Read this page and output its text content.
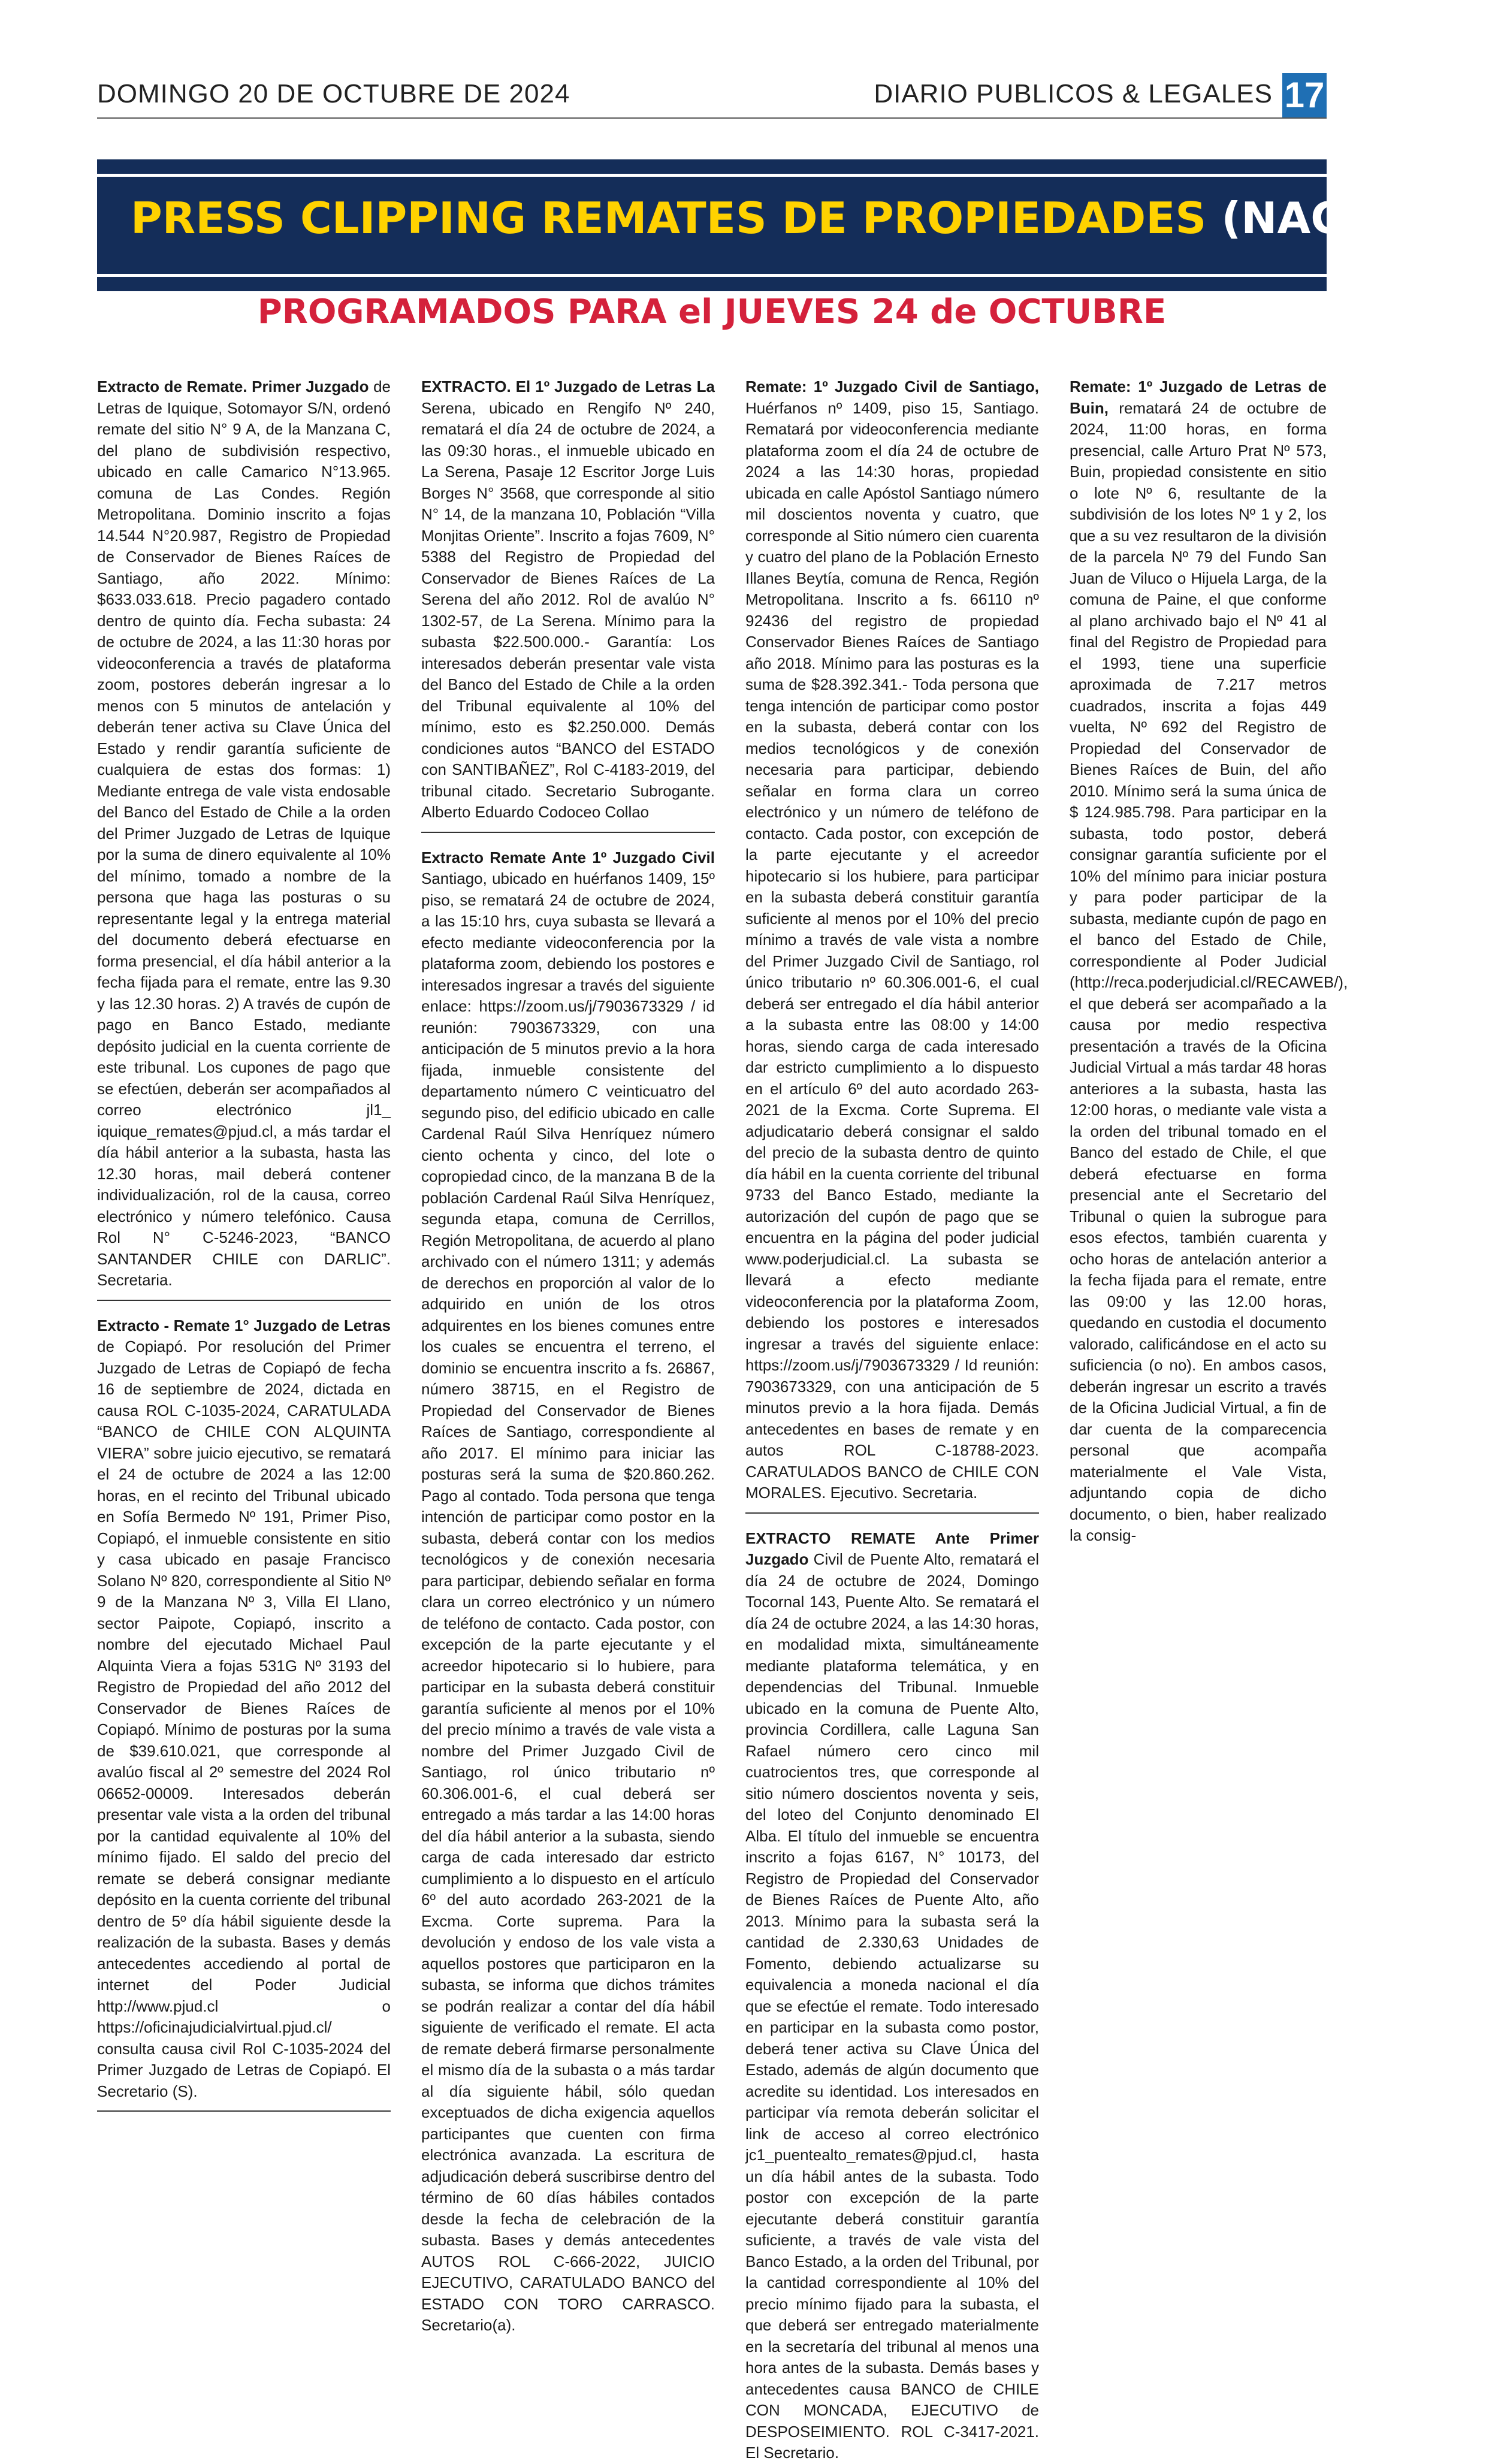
DOMINGO 20 DE OCTUBRE DE 2024	DIARIO PUBLICOS & LEGALES 17
PRESS CLIPPING REMATES DE PROPIEDADES (NACIONAL
PROGRAMADOS PARA el JUEVES 24 de OCTUBRE

Extracto de Remate. Primer Juzgado de Letras de Iquique, Sotomayor S/N, ordenó remate del sitio N° 9 A, de la Manzana C, del plano de subdivisión respectivo, ubicado en calle Camarico N°13.965. comuna de Las Condes. Región Metropolitana. Dominio inscrito a fojas 14.544 N°20.987, Registro de Propiedad de Conservador de Bienes Raíces de Santiago, año 2022. Mínimo: $633.033.618. Precio pagadero contado dentro de quinto día. Fecha subasta: 24 de octubre de 2024, a las 11:30 horas por videoconferencia a través de plataforma zoom, postores deberán ingresar a lo menos con 5 minutos de antelación y deberán tener activa su Clave Única del Estado y rendir garantía suficiente de cualquiera de estas dos formas: 1) Mediante entrega de vale vista endosable del Banco del Estado de Chile a la orden del Primer Juzgado de Letras de Iquique por la suma de dinero equivalente al 10% del mínimo, tomado a nombre de la persona que haga las posturas o su representante legal y la entrega material del documento deberá efectuarse en forma presencial, el día hábil anterior a la fecha fijada para el remate, entre las 9.30 y las 12.30 horas. 2) A través de cupón de pago en Banco Estado, mediante depósito judicial en la cuenta corriente de este tribunal. Los cupones de pago que se efectúen, deberán ser acompañados al correo electrónico jl1_ iquique_remates@pjud.cl, a más tardar el día hábil anterior a la subasta, hasta las 12.30 horas, mail deberá contener individualización, rol de la causa, correo electrónico y número telefónico. Causa Rol N° C-5246-2023, “BANCO SANTANDER CHILE con DARLIC”. Secretaria.

Extracto - Remate 1° Juzgado de Letras de Copiapó. Por resolución del Primer Juzgado de Letras de Copiapó de fecha 16 de septiembre de 2024, dictada en causa ROL C-1035-2024, CARATULADA “BANCO de CHILE CON ALQUINTA VIERA” sobre juicio ejecutivo, se rematará el 24 de octubre de 2024 a las 12:00 horas, en el recinto del Tribunal ubicado en Sofía Bermedo Nº 191, Primer Piso, Copiapó, el inmueble consistente en sitio y casa ubicado en pasaje Francisco Solano Nº 820, correspondiente al Sitio Nº 9 de la Manzana Nº 3, Villa El Llano, sector Paipote, Copiapó, inscrito a nombre del ejecutado Michael Paul Alquinta Viera a fojas 531G Nº 3193 del Registro de Propiedad del año 2012 del Conservador de Bienes Raíces de Copiapó. Mínimo de posturas por la suma de $39.610.021, que corresponde al avalúo fiscal al 2º semestre del 2024 Rol 06652-00009. Interesados deberán presentar vale vista a la orden del tribunal por la cantidad equivalente al 10% del mínimo fijado. El saldo del precio del remate se deberá consignar mediante depósito en la cuenta corriente del tribunal dentro de 5º día hábil siguiente desde la realización de la subasta. Bases y demás antecedentes accediendo al portal de internet del Poder Judicial http://www.pjud.cl o https://oficinajudicialvirtual.pjud.cl/ consulta causa civil Rol C-1035-2024 del Primer Juzgado de Letras de Copiapó. El Secretario (S).

EXTRACTO. El 1º Juzgado de Letras La Serena, ubicado en Rengifo Nº 240, rematará el día 24 de octubre de 2024, a las 09:30 horas., el inmueble ubicado en La Serena, Pasaje 12 Escritor Jorge Luis Borges N° 3568, que corresponde al sitio N° 14, de la manzana 10, Población “Villa Monjitas Oriente”. Inscrito a fojas 7609, N° 5388 del Registro de Propiedad del Conservador de Bienes Raíces de La Serena del año 2012. Rol de avalúo N° 1302-57, de La Serena. Mínimo para la subasta $22.500.000.- Garantía: Los interesados deberán presentar vale vista del Banco del Estado de Chile a la orden del Tribunal equivalente al 10% del mínimo, esto es $2.250.000. Demás condiciones autos “BANCO del ESTADO con SANTIBAÑEZ”, Rol C-4183-2019, del tribunal citado. Secretario Subrogante. Alberto Eduardo Codoceo Collao

Extracto Remate Ante 1º Juzgado Civil Santiago, ubicado en huérfanos 1409, 15º piso, se rematará 24 de octubre de 2024, a las 15:10 hrs, cuya subasta se llevará a efecto mediante videoconferencia por la plataforma zoom, debiendo los postores e interesados ingresar a través del siguiente enlace: https://zoom.us/j/7903673329 / id reunión: 7903673329, con una anticipación de 5 minutos previo a la hora fijada, inmueble consistente del departamento número C veinticuatro del segundo piso, del edificio ubicado en calle Cardenal Raúl Silva Henríquez número ciento ochenta y cinco, del lote o copropiedad cinco, de la manzana B de la población Cardenal Raúl Silva Henríquez, segunda etapa, comuna de Cerrillos, Región Metropolitana, de acuerdo al plano archivado con el número 1311; y además de derechos en proporción al valor de lo adquirido en unión de los otros adquirentes en los bienes comunes entre los cuales se encuentra el terreno, el dominio se encuentra inscrito a fs. 26867, número 38715, en el Registro de Propiedad del Conservador de Bienes Raíces de Santiago, correspondiente al año 2017. El mínimo para iniciar las posturas será la suma de $20.860.262. Pago al contado. Toda persona que tenga intención de participar como postor en la subasta, deberá contar con los medios tecnológicos y de conexión necesaria para participar, debiendo señalar en forma clara un correo electrónico y un número de teléfono de contacto. Cada postor, con excepción de la parte ejecutante y el acreedor hipotecario si lo hubiere, para participar en la subasta deberá constituir garantía suficiente al menos por el 10% del precio mínimo a través de vale vista a nombre del Primer Juzgado Civil de Santiago, rol único tributario nº 60.306.001-6, el cual deberá ser entregado a más tardar a las 14:00 horas del día hábil anterior a la subasta, siendo carga de cada interesado dar estricto cumplimiento a lo dispuesto en el artículo 6º del auto acordado 263-2021 de la Excma. Corte suprema. Para la devolución y endoso de los vale vista a aquellos postores que participaron en la subasta, se informa que dichos trámites se podrán realizar a contar del día hábil siguiente de verificado el remate. El acta de remate deberá firmarse personalmente el mismo día de la subasta o a más tardar al día siguiente hábil, sólo quedan exceptuados de dicha exigencia aquellos participantes que cuenten con firma electrónica avanzada. La escritura de adjudicación deberá suscribirse dentro del término de 60 días hábiles contados desde la fecha de celebración de la subasta. Bases y demás antecedentes AUTOS ROL C-666-2022, JUICIO EJECUTIVO, CARATULADO BANCO del ESTADO CON TORO CARRASCO. Secretario(a).

Remate: 1º Juzgado Civil de Santiago, Huérfanos nº 1409, piso 15, Santiago. Rematará por videoconferencia mediante plataforma zoom el día 24 de octubre de 2024 a las 14:30 horas, propiedad ubicada en calle Apóstol Santiago número mil doscientos noventa y cuatro, que corresponde al Sitio número cien cuarenta y cuatro del plano de la Población Ernesto Illanes Beytía, comuna de Renca, Región Metropolitana. Inscrito a fs. 66110 nº 92436 del registro de propiedad Conservador Bienes Raíces de Santiago año 2018. Mínimo para las posturas es la suma de $28.392.341.- Toda persona que tenga intención de participar como postor en la subasta, deberá contar con los medios tecnológicos y de conexión necesaria para participar, debiendo señalar en forma clara un correo electrónico y un número de teléfono de contacto. Cada postor, con excepción de la parte ejecutante y el acreedor hipotecario si los hubiere, para participar en la subasta deberá constituir garantía suficiente al menos por el 10% del precio mínimo a través de vale vista a nombre del Primer Juzgado Civil de Santiago, rol único tributario nº 60.306.001-6, el cual deberá ser entregado el día hábil anterior a la subasta entre las 08:00 y 14:00 horas, siendo carga de cada interesado dar estricto cumplimiento a lo dispuesto en el artículo 6º del auto acordado 263-2021 de la Excma. Corte Suprema. El adjudicatario deberá consignar el saldo del precio de la subasta dentro de quinto día hábil en la cuenta corriente del tribunal 9733 del Banco Estado, mediante la autorización del cupón de pago que se encuentra en la página del poder judicial www.poderjudicial.cl. La subasta se llevará a efecto mediante videoconferencia por la plataforma Zoom, debiendo los postores e interesados ingresar a través del siguiente enlace: https://zoom.us/j/7903673329 / Id reunión: 7903673329, con una anticipación de 5 minutos previo a la hora fijada. Demás antecedentes en bases de remate y en autos ROL C-18788-2023. CARATULADOS BANCO de CHILE CON MORALES. Ejecutivo. Secretaria.

EXTRACTO REMATE Ante Primer Juzgado Civil de Puente Alto, rematará el día 24 de octubre de 2024, Domingo Tocornal 143, Puente Alto. Se rematará el día 24 de octubre 2024, a las 14:30 horas, en modalidad mixta, simultáneamente mediante plataforma telemática, y en dependencias del Tribunal. Inmueble ubicado en la comuna de Puente Alto, provincia Cordillera, calle Laguna San Rafael número cero cinco mil cuatrocientos tres, que corresponde al sitio número doscientos noventa y seis, del loteo del Conjunto denominado El Alba. El título del inmueble se encuentra inscrito a fojas 6167, N° 10173, del Registro de Propiedad del Conservador de Bienes Raíces de Puente Alto, año 2013. Mínimo para la subasta será la cantidad de 2.330,63 Unidades de Fomento, debiendo actualizarse su equivalencia a moneda nacional el día que se efectúe el remate. Todo interesado en participar en la subasta como postor, deberá tener activa su Clave Única del Estado, además de algún documento que acredite su identidad. Los interesados en participar vía remota deberán solicitar el link de acceso al correo electrónico jc1_puentealto_remates@pjud.cl, hasta un día hábil antes de la subasta. Todo postor con excepción de la parte ejecutante deberá constituir garantía suficiente, a través de vale vista del Banco Estado, a la orden del Tribunal, por la cantidad correspondiente al 10% del precio mínimo fijado para la subasta, el que deberá ser entregado materialmente en la secretaría del tribunal al menos una hora antes de la subasta. Demás bases y antecedentes causa BANCO de CHILE CON MONCADA, EJECUTIVO de DESPOSEIMIENTO. ROL C-3417-2021. El Secretario.

Remate: 1º Juzgado de Letras de Buin, rematará 24 de octubre de 2024, 11:00 horas, en forma presencial, calle Arturo Prat Nº 573, Buin, propiedad consistente en sitio o lote Nº 6, resultante de la subdivisión de los lotes Nº 1 y 2, los que a su vez resultaron de la división de la parcela Nº 79 del Fundo San Juan de Viluco o Hijuela Larga, de la comuna de Paine, el que conforme al plano archivado bajo el Nº 41 al final del Registro de Propiedad para el 1993, tiene una superficie aproximada de 7.217 metros cuadrados, inscrita a fojas 449 vuelta, Nº 692 del Registro de Propiedad del Conservador de Bienes Raíces de Buin, del año 2010. Mínimo será la suma única de $ 124.985.798. Para participar en la subasta, todo postor, deberá consignar garantía suficiente por el 10% del mínimo para iniciar postura y para poder participar de la subasta, mediante cupón de pago en el banco del Estado de Chile, correspondiente al Poder Judicial (http://reca.poderjudicial.cl/RECAWEB/), el que deberá ser acompañado a la causa por medio respectiva presentación a través de la Oficina Judicial Virtual a más tardar 48 horas anteriores a la subasta, hasta las 12:00 horas, o mediante vale vista a la orden del tribunal tomado en el Banco del estado de Chile, el que deberá efectuarse en forma presencial ante el Secretario del Tribunal o quien la subrogue para esos efectos, también cuarenta y ocho horas de antelación anterior a la fecha fijada para el remate, entre las 09:00 y las 12.00 horas, quedando en custodia el documento valorado, calificándose en el acto su suficiencia (o no). En ambos casos, deberán ingresar un escrito a través de la Oficina Judicial Virtual, a fin de dar cuenta de la comparecencia personal que acompaña materialmente el Vale Vista, adjuntando copia de dicho documento, o bien, haber realizado la consig-
